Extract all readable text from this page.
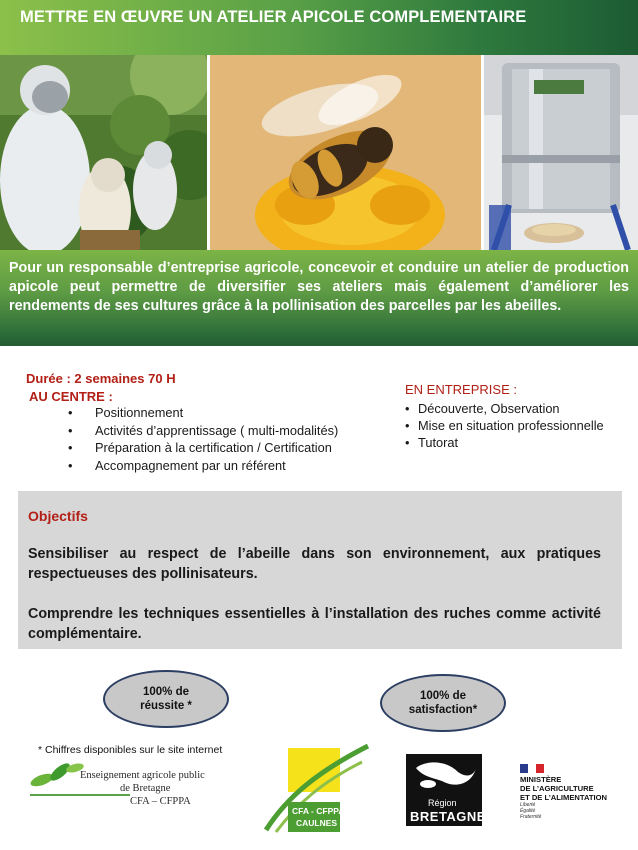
METTRE EN ŒUVRE UN ATELIER APICOLE COMPLEMENTAIRE
Pour un responsable d’entreprise agricole, concevoir et conduire un atelier de production apicole peut permettre de diversifier ses ateliers mais également d’améliorer les rendements de ses cultures grâce à la pollinisation des parcelles par les abeilles.
Durée : 2 semaines 70 H
AU CENTRE :
• Positionnement
• Activités d’apprentissage ( multi-modalités)
• Préparation à la certification / Certification
• Accompagnement par un référent
EN ENTREPRISE :
• Découverte, Observation
• Mise en situation professionnelle
• Tutorat
Objectifs
Sensibiliser au respect de l’abeille dans son environnement, aux pratiques respectueuses des pollinisateurs.
Comprendre les techniques essentielles à l’installation des ruches comme activité complémentaire.
100% de
réussite *
100% de
satisfaction*
* Chiffres disponibles sur le site internet
Enseignement agricole public
de Bretagne
CFA – CFPPA
CFA - CFPPA
CAULNES
Région
BRETAGNE
MINISTÈRE
DE L’AGRICULTURE
ET DE L’ALIMENTATION
Liberté
Égalité
Fraternité
